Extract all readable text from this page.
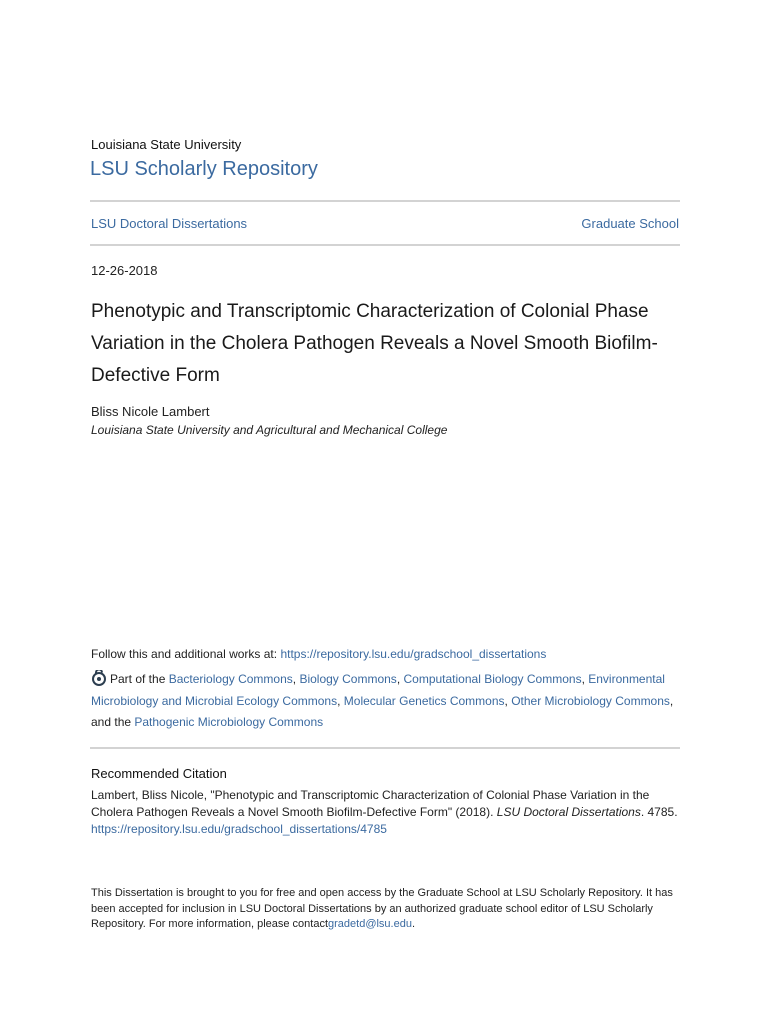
Louisiana State University
LSU Scholarly Repository
LSU Doctoral Dissertations	Graduate School
12-26-2018
Phenotypic and Transcriptomic Characterization of Colonial Phase Variation in the Cholera Pathogen Reveals a Novel Smooth Biofilm-Defective Form
Bliss Nicole Lambert
Louisiana State University and Agricultural and Mechanical College
Follow this and additional works at: https://repository.lsu.edu/gradschool_dissertations
Part of the Bacteriology Commons, Biology Commons, Computational Biology Commons, Environmental Microbiology and Microbial Ecology Commons, Molecular Genetics Commons, Other Microbiology Commons, and the Pathogenic Microbiology Commons
Recommended Citation
Lambert, Bliss Nicole, "Phenotypic and Transcriptomic Characterization of Colonial Phase Variation in the Cholera Pathogen Reveals a Novel Smooth Biofilm-Defective Form" (2018). LSU Doctoral Dissertations. 4785.
https://repository.lsu.edu/gradschool_dissertations/4785
This Dissertation is brought to you for free and open access by the Graduate School at LSU Scholarly Repository. It has been accepted for inclusion in LSU Doctoral Dissertations by an authorized graduate school editor of LSU Scholarly Repository. For more information, please contactgradetd@lsu.edu.
